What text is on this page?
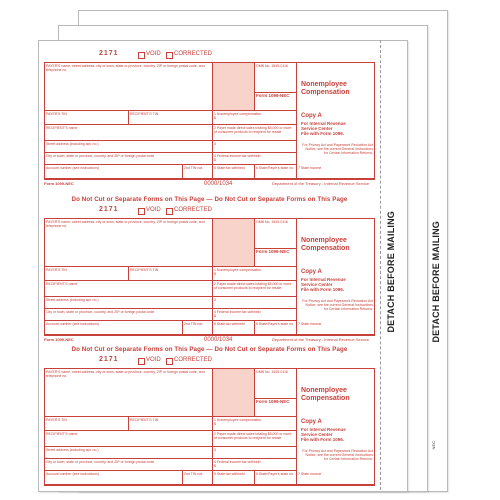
DETACH BEFORE MAILING
NEC
DETACH BEFORE MAILING
2171	VOID CORRECTED
PAYER'S name, street address, city or town, state or province, country, ZIP or foreign postal code, and telephone no.
OMB No. 1545-0116
Form 1099-NEC
Nonemployee
Compensation
PAYER'S TIN	RECIPIENT'S TIN	1 Nonemployee compensation
$	Copy A
For Internal Revenue
Service Center
File with Form 1096.
RECIPIENT'S name	2 Payer made direct sales totaling $5,000 or more of consumer products to recipient for resale
Street address (including apt. no.)	3	For Privacy Act and Paperwork Reduction Act Notice, see the current General Instructions for Certain Information Returns.
City or town, state or province, country, and ZIP or foreign postal code	4 Federal income tax withheld
$
Account number (see instructions)	2nd TIN not.	5 State tax withheld	6 State/Payer's state no.	7 State income
Form 1099-NEC	0000/1034	Department of the Treasury - Internal Revenue Service
Do Not Cut or Separate Forms on This Page — Do Not Cut or Separate Forms on This Page
2171	VOID CORRECTED
PAYER'S name, street address, city or town, state or province, country, ZIP or foreign postal code, and telephone no.
OMB No. 1545-0116
Form 1099-NEC
Nonemployee
Compensation
PAYER'S TIN	RECIPIENT'S TIN	1 Nonemployee compensation
$	Copy A
For Internal Revenue
Service Center
File with Form 1096.
RECIPIENT'S name	2 Payer made direct sales totaling $5,000 or more of consumer products to recipient for resale
Street address (including apt. no.)	3	For Privacy Act and Paperwork Reduction Act Notice, see the current General Instructions for Certain Information Returns.
City or town, state or province, country, and ZIP or foreign postal code	4 Federal income tax withheld
$
Account number (see instructions)	2nd TIN not.	5 State tax withheld	6 State/Payer's state no.	7 State income
Form 1099-NEC	0000/1034	Department of the Treasury - Internal Revenue Service
Do Not Cut or Separate Forms on This Page — Do Not Cut or Separate Forms on This Page
2171	VOID CORRECTED
PAYER'S name, street address, city or town, state or province, country, ZIP or foreign postal code, and telephone no.
OMB No. 1545-0116
Form 1099-NEC
Nonemployee
Compensation
PAYER'S TIN	RECIPIENT'S TIN	1 Nonemployee compensation
$	Copy A
For Internal Revenue
Service Center
File with Form 1096.
RECIPIENT'S name	2 Payer made direct sales totaling $5,000 or more of consumer products to recipient for resale
Street address (including apt. no.)	3	For Privacy Act and Paperwork Reduction Act Notice, see the current General Instructions for Certain Information Returns.
City or town, state or province, country, and ZIP or foreign postal code	4 Federal income tax withheld
$
Account number (see instructions)	2nd TIN not.	5 State tax withheld	6 State/Payer's state no.	7 State income
